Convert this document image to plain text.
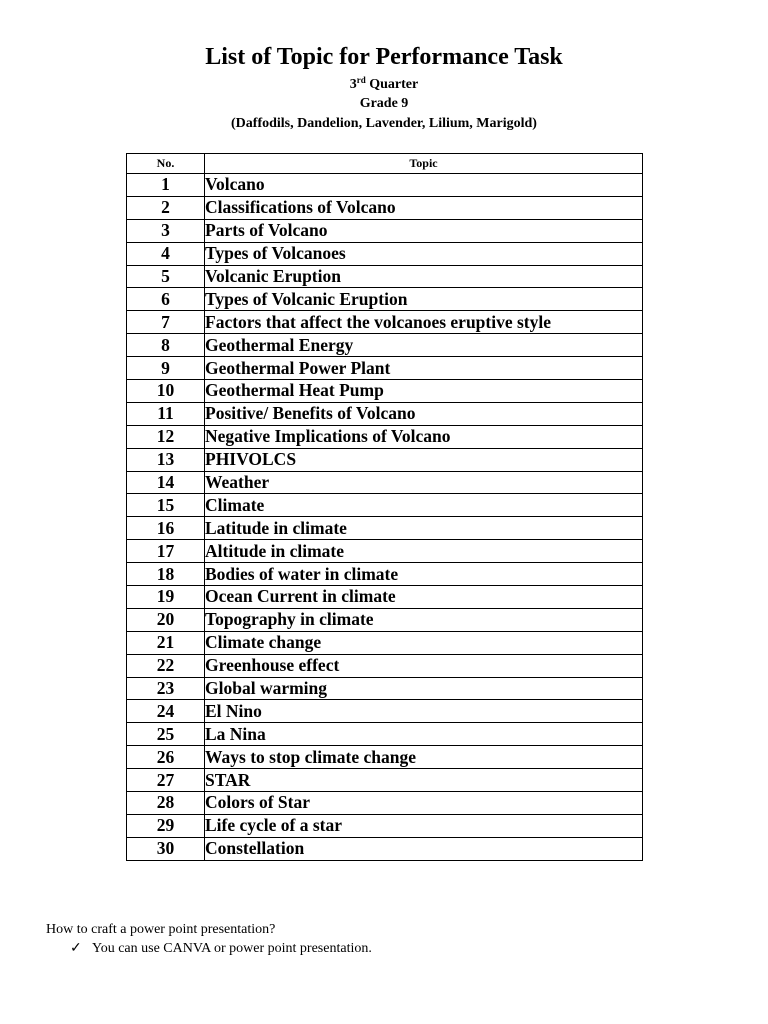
List of Topic for Performance Task
3rd Quarter
Grade 9
(Daffodils, Dandelion, Lavender, Lilium, Marigold)
No.	Topic
1	Volcano
2	Classifications of Volcano
3	Parts of Volcano
4	Types of Volcanoes
5	Volcanic Eruption
6	Types of Volcanic Eruption
7	Factors that affect the volcanoes eruptive style
8	Geothermal Energy
9	Geothermal Power Plant
10	Geothermal Heat Pump
11	Positive/ Benefits of Volcano
12	Negative Implications of Volcano
13	PHIVOLCS
14	Weather
15	Climate
16	Latitude in climate
17	Altitude in climate
18	Bodies of water in climate
19	Ocean Current in climate
20	Topography in climate
21	Climate change
22	Greenhouse effect
23	Global warming
24	El Nino
25	La Nina
26	Ways to stop climate change
27	STAR
28	Colors of Star
29	Life cycle of a star
30	Constellation
How to craft a power point presentation?
✓ You can use CANVA or power point presentation.
